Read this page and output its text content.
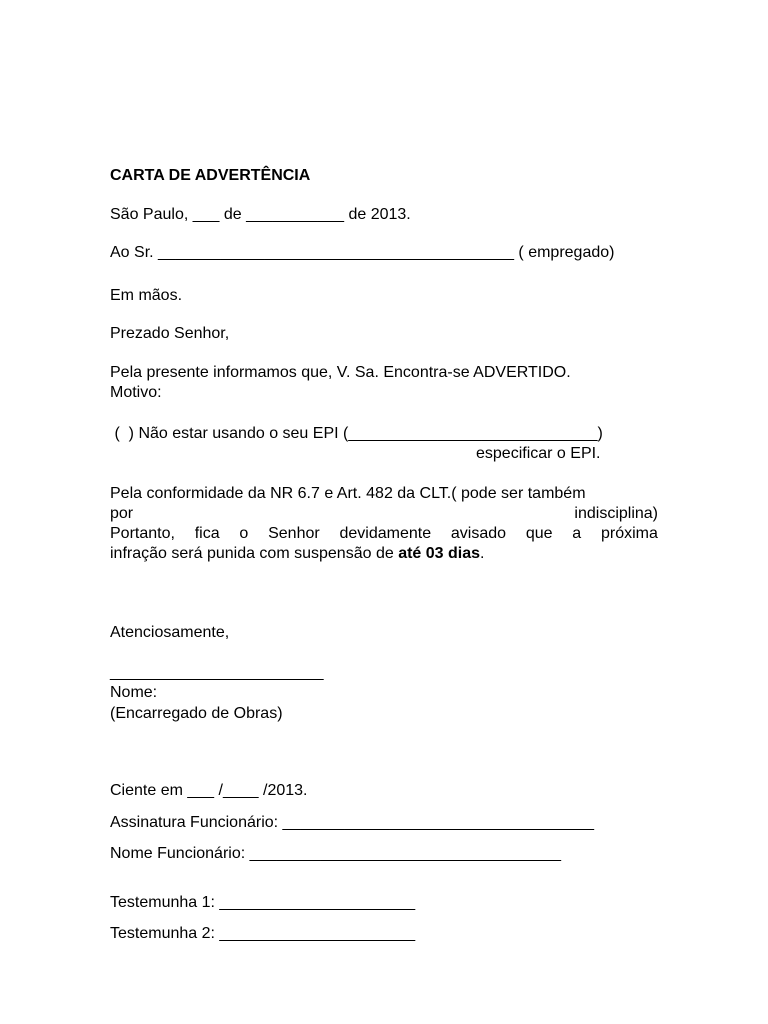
CARTA DE ADVERTÊNCIA
São Paulo, ___ de ___________ de 2013.
Ao Sr. ________________________________________ ( empregado)
Em mãos.
Prezado Senhor,
Pela presente informamos que, V. Sa. Encontra-se ADVERTIDO.
Motivo:
(  ) Não estar usando o seu EPI (____________________________)
especificar o EPI.
Pela conformidade da NR 6.7 e Art. 482 da CLT.( pode ser também
por	indisciplina)
Portanto, fica o Senhor devidamente avisado que a próxima
infração será punida com suspensão de até 03 dias .
Atenciosamente,
________________________
Nome:
(Encarregado de Obras)
Ciente em ___ /____ /2013.
Assinatura Funcionário: ___________________________________
Nome Funcionário: ___________________________________
Testemunha 1: ______________________
Testemunha 2: ______________________
